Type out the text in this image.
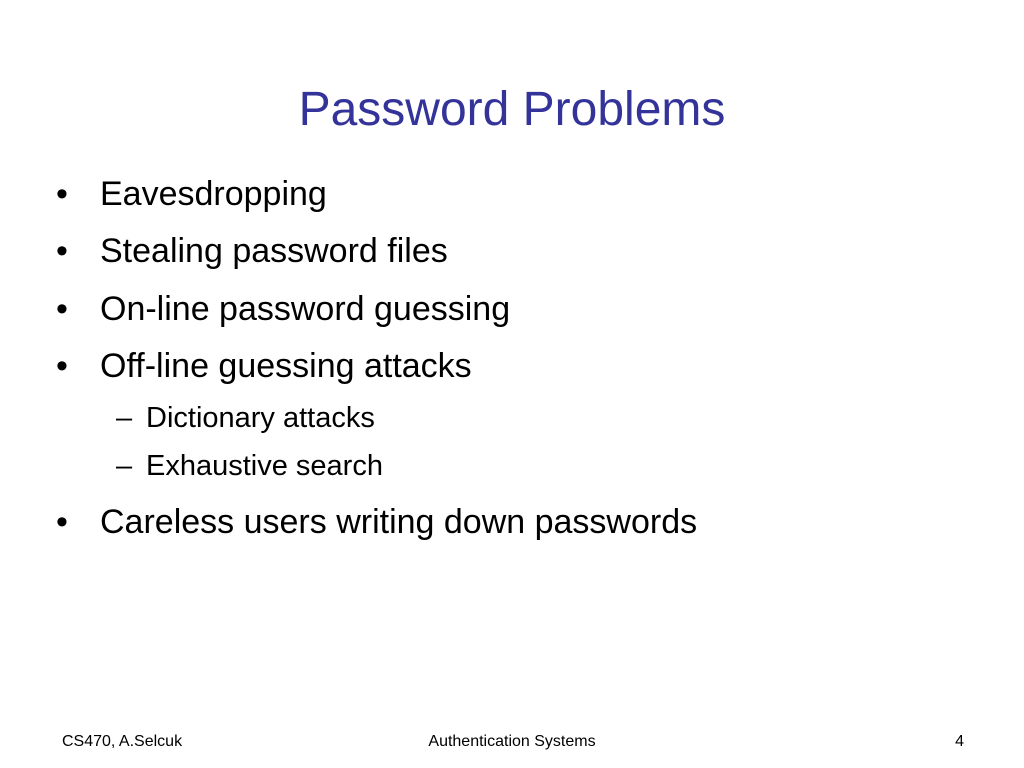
Password Problems
• Eavesdropping
• Stealing password files
• On-line password guessing
• Off-line guessing attacks
– Dictionary attacks
– Exhaustive search
• Careless users writing down passwords
CS470, A.Selcuk	Authentication Systems	4
